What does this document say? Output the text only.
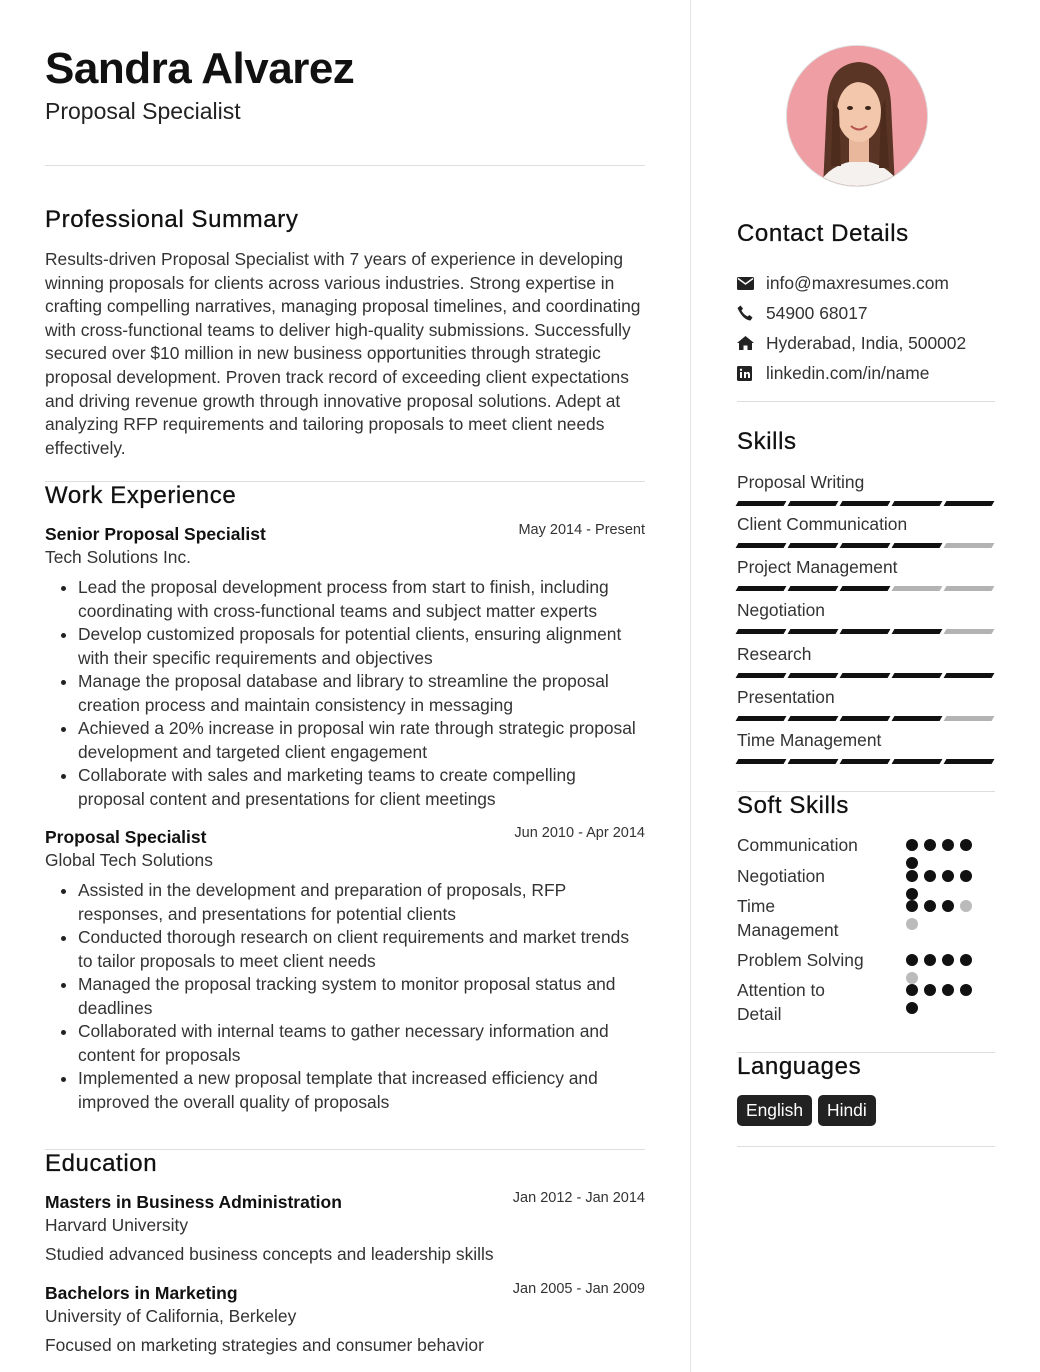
Sandra Alvarez
Proposal Specialist
Professional Summary
Results-driven Proposal Specialist with 7 years of experience in developing winning proposals for clients across various industries. Strong expertise in crafting compelling narratives, managing proposal timelines, and coordinating with cross-functional teams to deliver high-quality submissions. Successfully secured over $10 million in new business opportunities through strategic proposal development. Proven track record of exceeding client expectations and driving revenue growth through innovative proposal solutions. Adept at analyzing RFP requirements and tailoring proposals to meet client needs effectively.
Work Experience
Senior Proposal Specialist	May 2014 - Present
Tech Solutions Inc.
Lead the proposal development process from start to finish, including coordinating with cross-functional teams and subject matter experts
Develop customized proposals for potential clients, ensuring alignment with their specific requirements and objectives
Manage the proposal database and library to streamline the proposal creation process and maintain consistency in messaging
Achieved a 20% increase in proposal win rate through strategic proposal development and targeted client engagement
Collaborate with sales and marketing teams to create compelling proposal content and presentations for client meetings
Proposal Specialist	Jun 2010 - Apr 2014
Global Tech Solutions
Assisted in the development and preparation of proposals, RFP responses, and presentations for potential clients
Conducted thorough research on client requirements and market trends to tailor proposals to meet client needs
Managed the proposal tracking system to monitor proposal status and deadlines
Collaborated with internal teams to gather necessary information and content for proposals
Implemented a new proposal template that increased efficiency and improved the overall quality of proposals
Education
Masters in Business Administration	Jan 2012 - Jan 2014
Harvard University
Studied advanced business concepts and leadership skills
Bachelors in Marketing	Jan 2005 - Jan 2009
University of California, Berkeley
Focused on marketing strategies and consumer behavior
Contact Details
info@maxresumes.com
54900 68017
Hyderabad, India, 500002
linkedin.com/in/name
Skills
Proposal Writing
Client Communication
Project Management
Negotiation
Research
Presentation
Time Management
Soft Skills
Communication
Negotiation
Time Management
Problem Solving
Attention to Detail
Languages
English	Hindi
